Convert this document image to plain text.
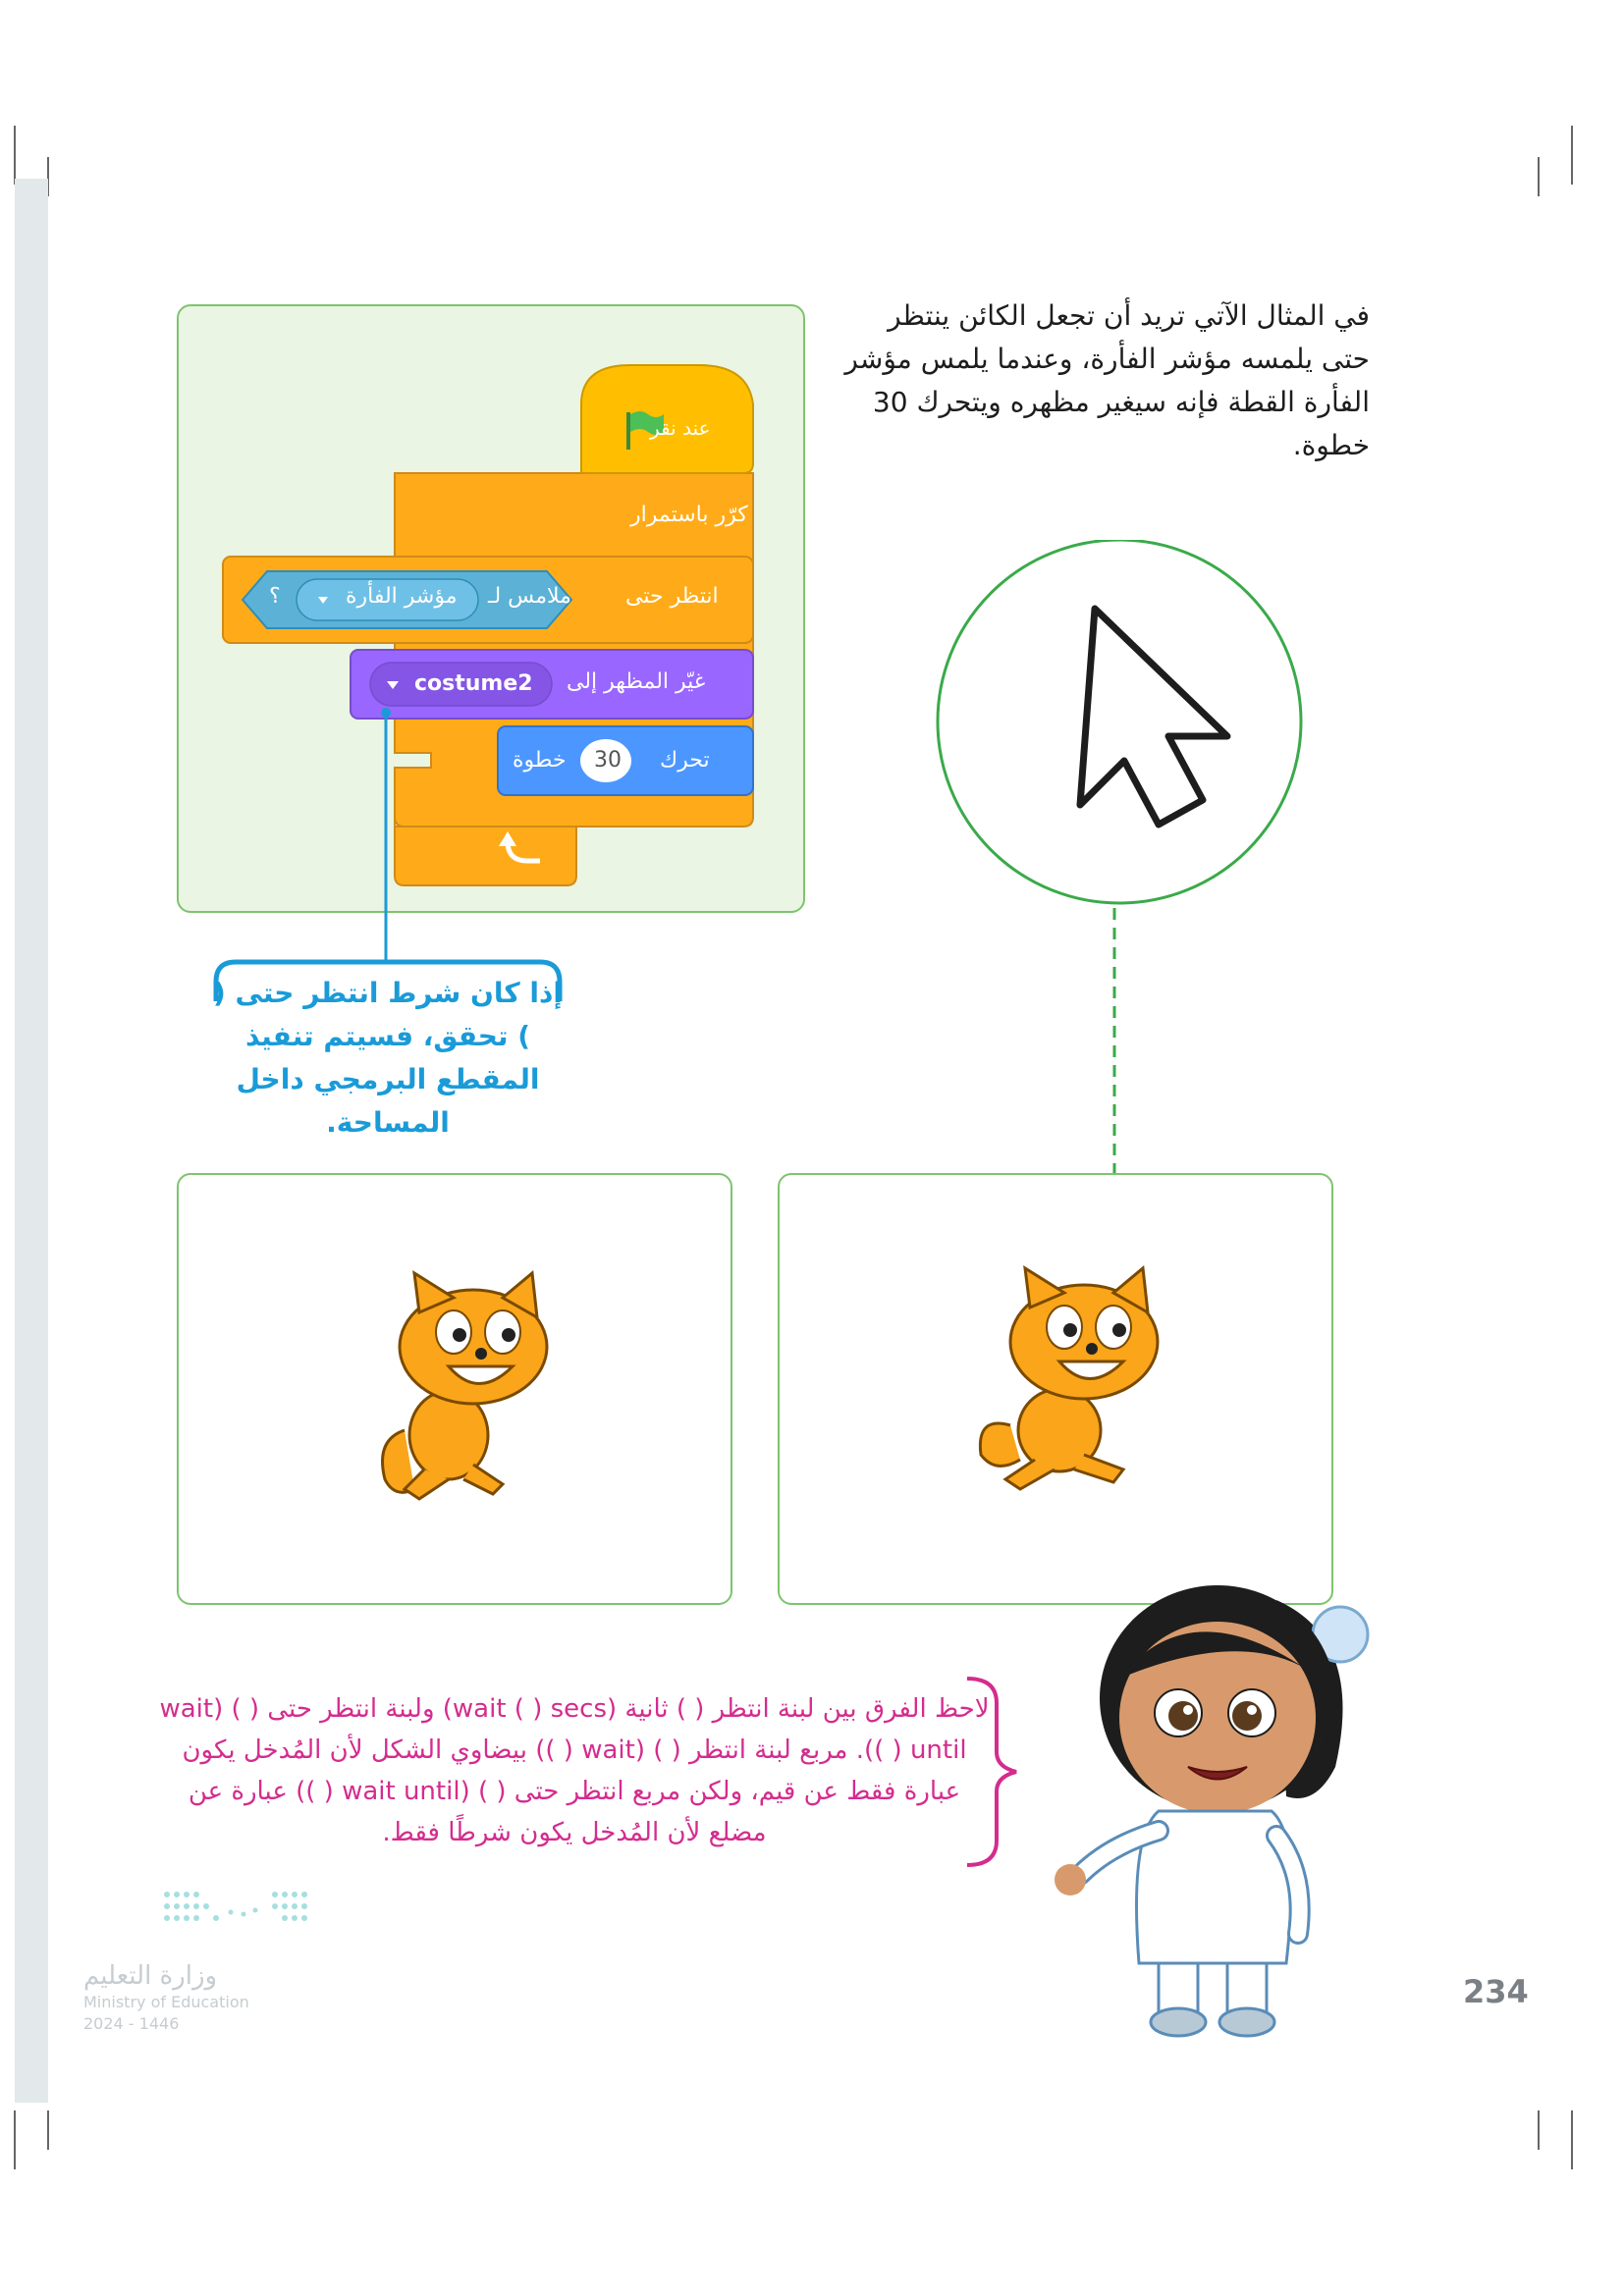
في المثال الآتي تريد أن تجعل الكائن ينتظر حتى يلمسه مؤشر الفأرة، وعندما يلمس مؤشر الفأرة القطة فإنه سيغير مظهره ويتحرك 30 خطوة.
عند نقر
كرّر باستمرار
انتظر حتى
ملامس لـ
مؤشر الفأرة
؟
غيّر المظهر إلى
costume2
تحرك
30
خطوة
إذا كان شرط انتظر حتى ( ) تحقق، فسيتم تنفيذ المقطع البرمجي داخل المساحة.
لاحظ الفرق بين لبنة انتظر ( ) ثانية (wait ( ) secs) ولبنة انتظر حتى ( ) (wait until ( )). مربع لبنة انتظر ( ) (wait ( )) بيضاوي الشكل لأن المُدخل يكون عبارة فقط عن قيم، ولكن مربع انتظر حتى ( ) (wait until ( )) عبارة عن مضلع لأن المُدخل يكون شرطًا فقط.
وزارة التعليم
Ministry of Education
2024 - 1446
234
